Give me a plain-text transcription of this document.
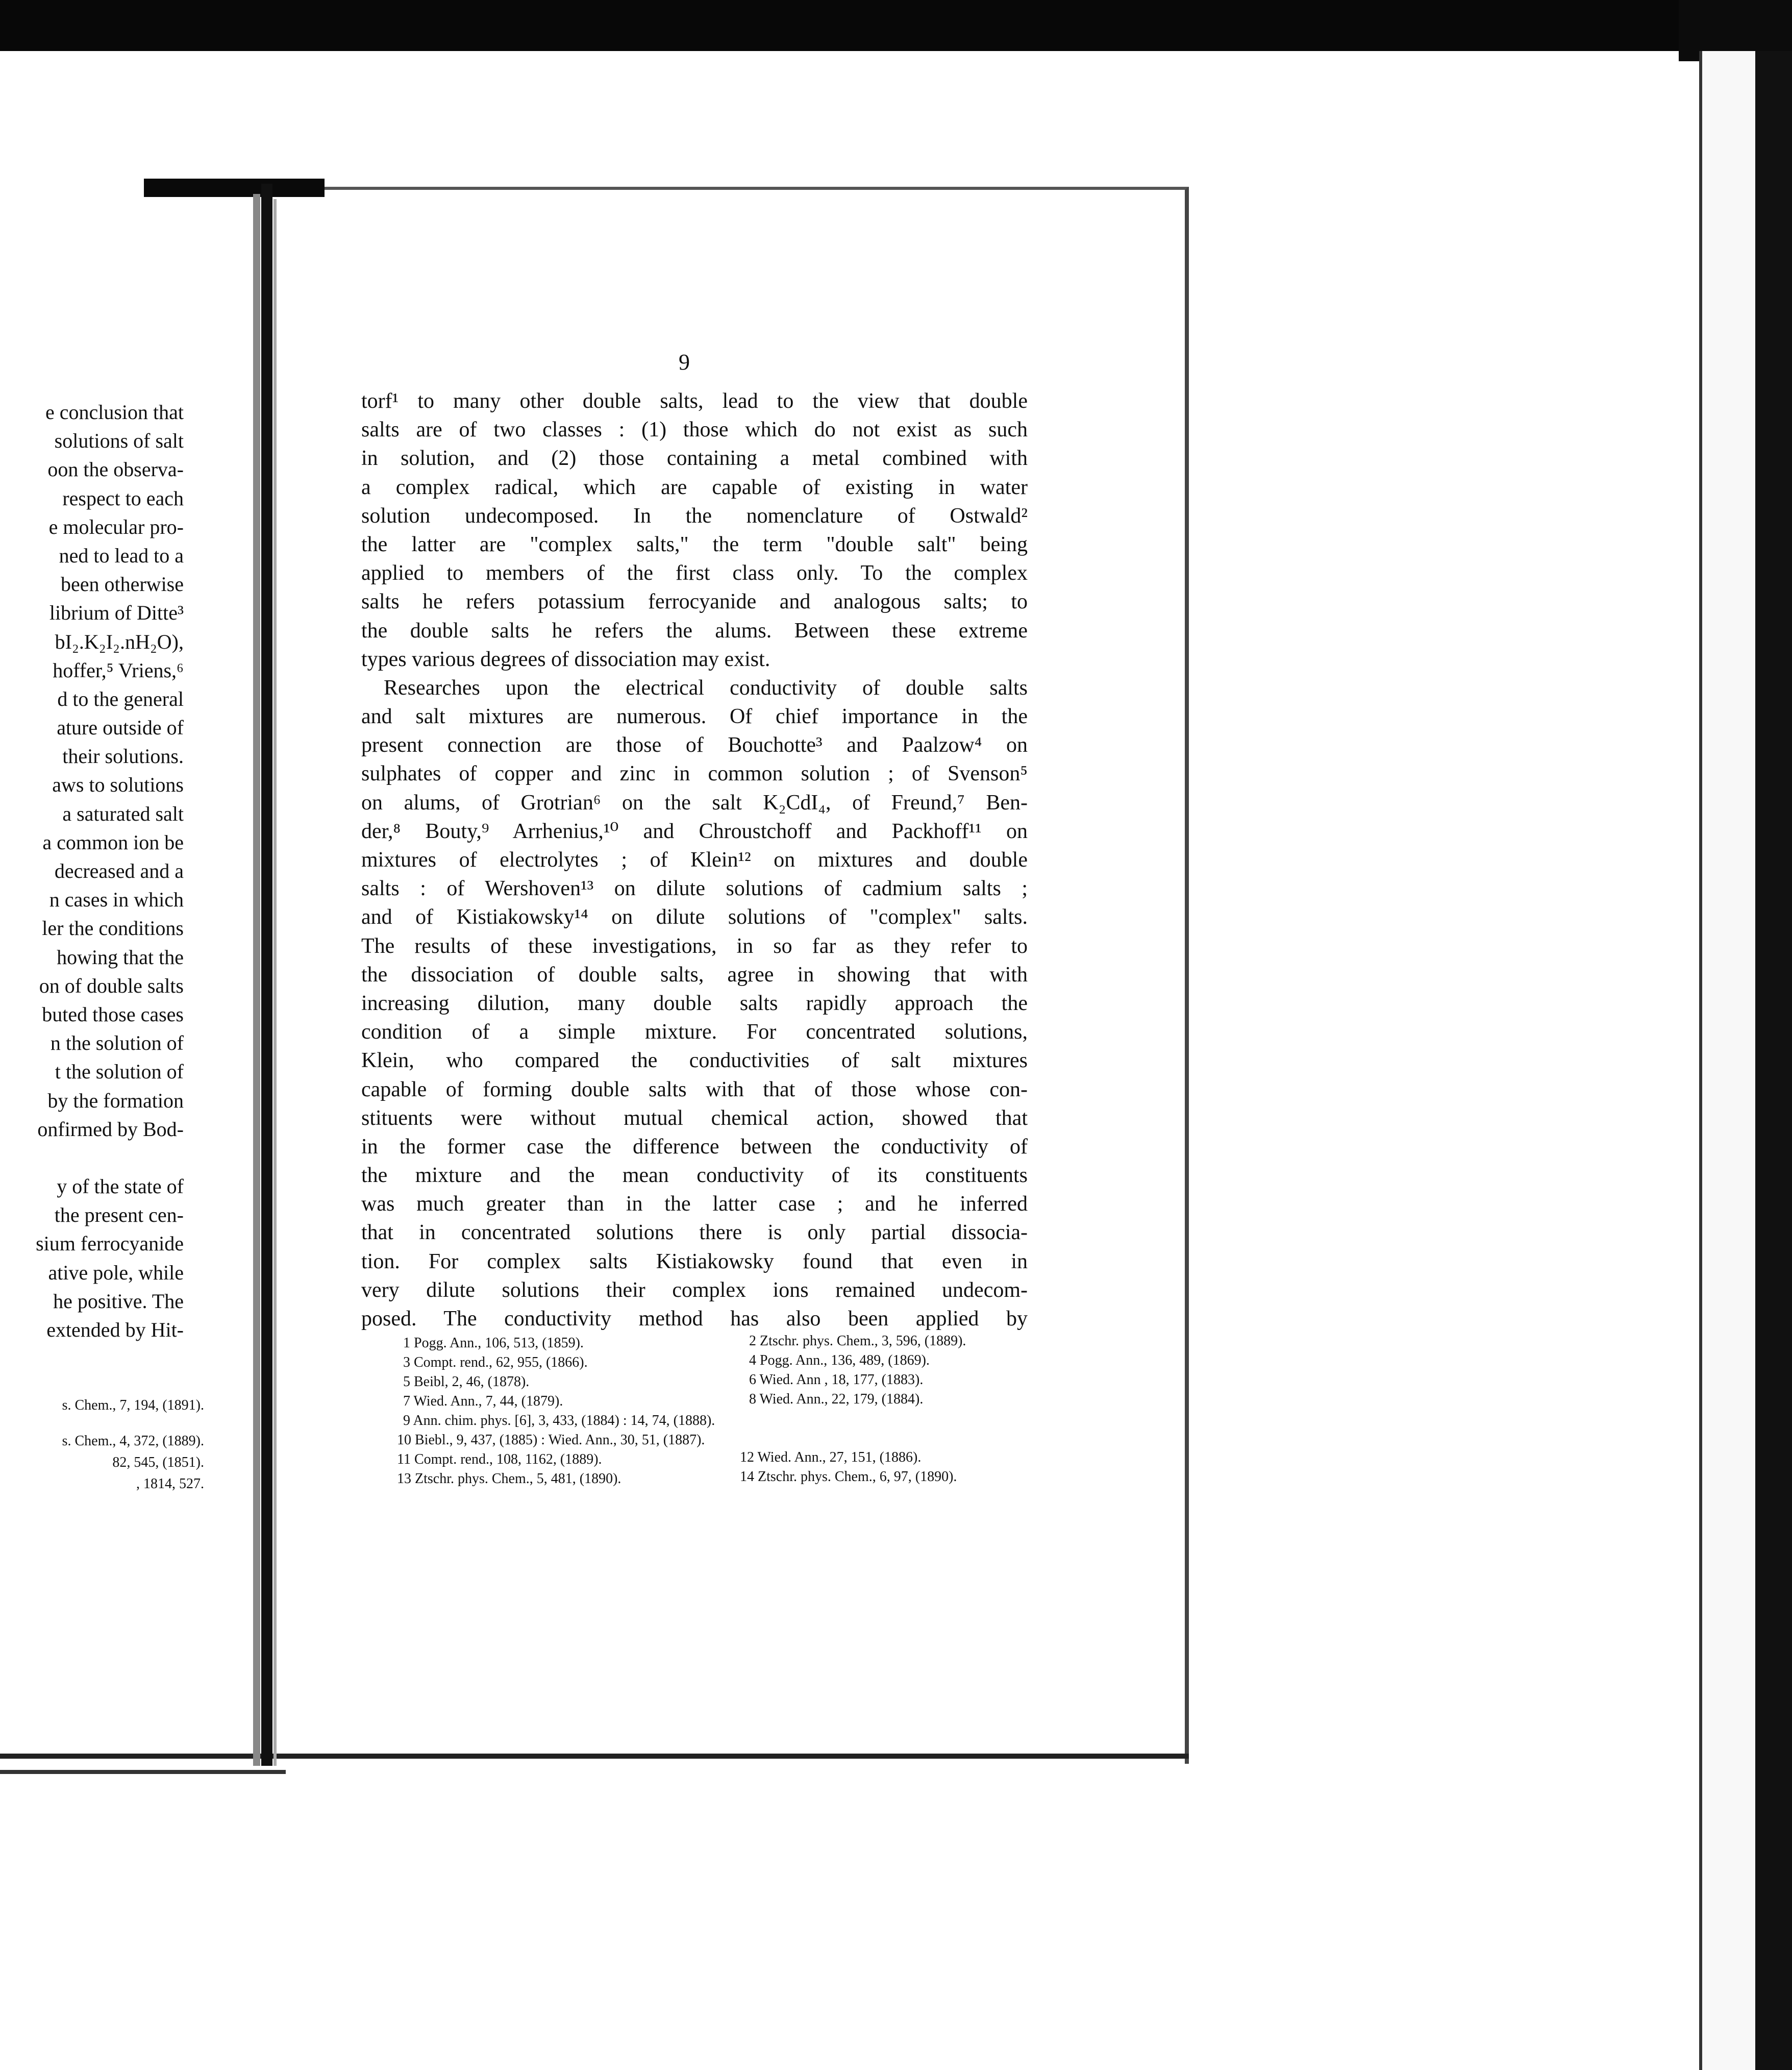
e conclusion that
solutions of salt
oon the observa-
respect to each
e molecular pro-
ned to lead to a
been otherwise
librium of Ditte³
bI₂.K₂I₂.nH₂O),
hoffer,⁵ Vriens,⁶
d to the general
ature outside of
their solutions.
aws to solutions
a saturated salt
a common ion be
decreased and a
n cases in which
ler the conditions
howing that the
on of double salts
buted those cases
n the solution of
t the solution of
by the formation
onfirmed by Bod-
y of the state of
the present cen-
sium ferrocyanide
ative pole, while
he positive. The
extended by Hit-
s. Chem., 7, 194, (1891).
s. Chem., 4, 372, (1889).
82, 545, (1851).
, 1814, 527.
9
torf¹ to many other double salts, lead to the view that double
salts are of two classes : (1) those which do not exist as such
in solution, and (2) those containing a metal combined with
a complex radical, which are capable of existing in water
solution undecomposed. In the nomenclature of Ostwald²
the latter are "complex salts," the term "double salt" being
applied to members of the first class only. To the complex
salts he refers potassium ferrocyanide and analogous salts; to
the double salts he refers the alums. Between these extreme
types various degrees of dissociation may exist.
Researches upon the electrical conductivity of double salts
and salt mixtures are numerous. Of chief importance in the
present connection are those of Bouchotte³ and Paalzow⁴ on
sulphates of copper and zinc in common solution ; of Svenson⁵
on alums, of Grotrian⁶ on the salt K₂CdI₄, of Freund,⁷ Ben-
der,⁸ Bouty,⁹ Arrhenius,¹⁰ and Chroustchoff and Packhoff¹¹ on
mixtures of electrolytes ; of Klein¹² on mixtures and double
salts : of Wershoven¹³ on dilute solutions of cadmium salts ;
and of Kistiakowsky¹⁴ on dilute solutions of "complex" salts.
The results of these investigations, in so far as they refer to
the dissociation of double salts, agree in showing that with
increasing dilution, many double salts rapidly approach the
condition of a simple mixture. For concentrated solutions,
Klein, who compared the conductivities of salt mixtures
capable of forming double salts with that of those whose con-
stituents were without mutual chemical action, showed that
in the former case the difference between the conductivity of
the mixture and the mean conductivity of its constituents
was much greater than in the latter case ; and he inferred
that in concentrated solutions there is only partial dissocia-
tion. For complex salts Kistiakowsky found that even in
very dilute solutions their complex ions remained undecom-
posed. The conductivity method has also been applied by
1 Pogg. Ann., 106, 513, (1859).
3 Compt. rend., 62, 955, (1866).
5 Beibl, 2, 46, (1878).
7 Wied. Ann., 7, 44, (1879).
9 Ann. chim. phys. [6], 3, 433, (1884) : 14, 74, (1888).
10 Biebl., 9, 437, (1885) : Wied. Ann., 30, 51, (1887).
11 Compt. rend., 108, 1162, (1889).
13 Ztschr. phys. Chem., 5, 481, (1890).
2 Ztschr. phys. Chem., 3, 596, (1889).
4 Pogg. Ann., 136, 489, (1869).
6 Wied. Ann , 18, 177, (1883).
8 Wied. Ann., 22, 179, (1884).
12 Wied. Ann., 27, 151, (1886).
14 Ztschr. phys. Chem., 6, 97, (1890).
